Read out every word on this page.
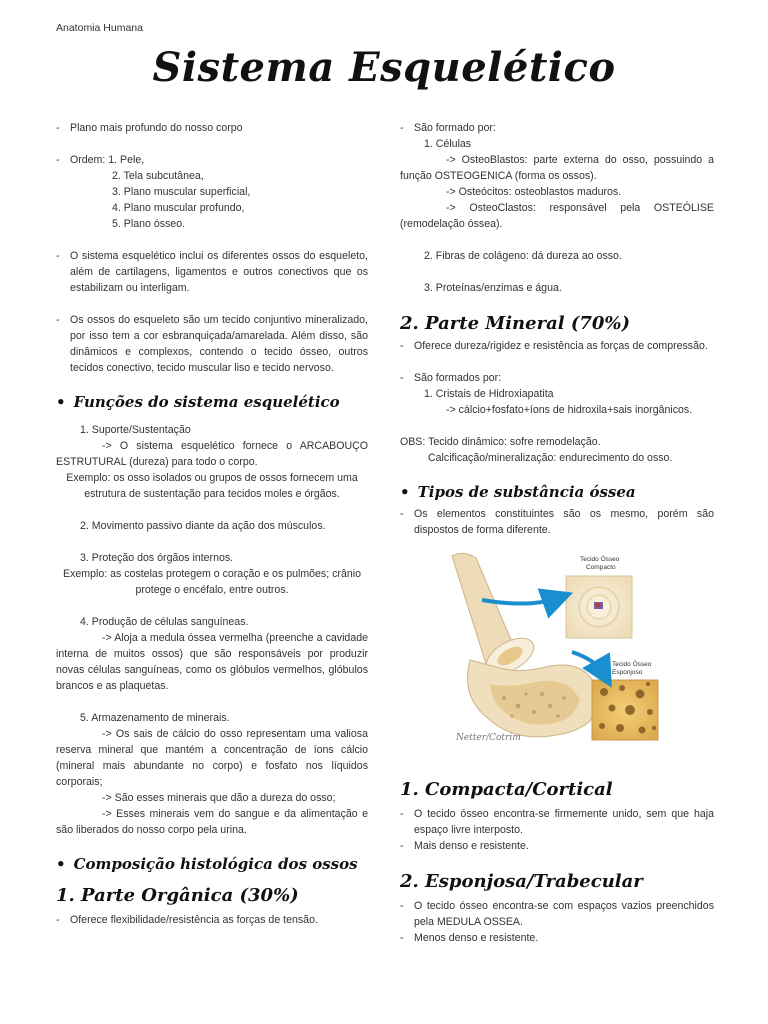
Anatomia Humana
Sistema Esquelético
- Plano mais profundo do nosso corpo
- Ordem: 1. Pele,
2. Tela subcutânea,
3. Plano muscular superficial,
4. Plano muscular profundo,
5. Plano ósseo.
- O sistema esquelético inclui os diferentes ossos do esqueleto, além de cartilagens, ligamentos e outros conectivos que os estabilizam ou interligam.
- Os ossos do esqueleto são um tecido conjuntivo mineralizado, por isso tem a cor esbranquiçada/amarelada. Além disso, são dinâmicos e complexos, contendo o tecido ósseo, outros tecidos conectivo, tecido muscular liso e tecido nervoso.
• Funções do sistema esquelético
1. Suporte/Sustentação
-> O sistema esquelético fornece o ARCABOUÇO ESTRUTURAL (dureza) para todo o corpo.
Exemplo: os osso isolados ou grupos de ossos fornecem uma estrutura de sustentação para tecidos moles e órgãos.
2. Movimento passivo diante da ação dos músculos.
3. Proteção dos órgãos internos.
Exemplo: as costelas protegem o coração e os pulmões; crânio protege o encéfalo, entre outros.
4. Produção de células sanguíneas.
-> Aloja a medula óssea vermelha (preenche a cavidade interna de muitos ossos) que são responsáveis por produzir novas células sanguíneas, como os glóbulos vermelhos, glóbulos brancos e as plaquetas.
5. Armazenamento de minerais.
-> Os sais de cálcio do osso representam uma valiosa reserva mineral que mantém a concentração de íons cálcio (mineral mais abundante no corpo) e fosfato nos líquidos corporais;
-> São esses minerais que dão a dureza do osso;
-> Esses minerais vem do sangue e da alimentação e são liberados do nosso corpo pela urina.
• Composição histológica dos ossos
1. Parte Orgânica (30%)
- Oferece flexibilidade/resistência as forças de tensão.
- São formado por:
1. Células
-> OsteoBlastos: parte externa do osso, possuindo a função OSTEOGENICA (forma os ossos).
-> Osteócitos: osteoblastos maduros.
-> OsteoClastos: responsável pela OSTEÓLISE (remodelação óssea).
2. Fibras de colágeno: dá dureza ao osso.
3. Proteínas/enzimas e água.
2. Parte Mineral (70%)
- Oferece dureza/rigidez e resistência as forças de compressão.
- São formados por:
1. Cristais de Hidroxiapatita
-> cálcio+fosfato+íons de hidroxila+sais inorgânicos.
OBS: Tecido dinâmico: sofre remodelação.
Calcificação/mineralização: endurecimento do osso.
• Tipos de substância óssea
- Os elementos constituintes são os mesmo, porém são dispostos de forma diferente.
Tecido Ósseo
Compacto
Tecido Ósseo
Esponjoso
Netter/Cotrim
1. Compacta/Cortical
- O tecido ósseo encontra-se firmemente unido, sem que haja espaço livre interposto.
- Mais denso e resistente.
2. Esponjosa/Trabecular
- O tecido ósseo encontra-se com espaços vazios preenchidos pela MEDULA OSSEA.
- Menos denso e resistente.
